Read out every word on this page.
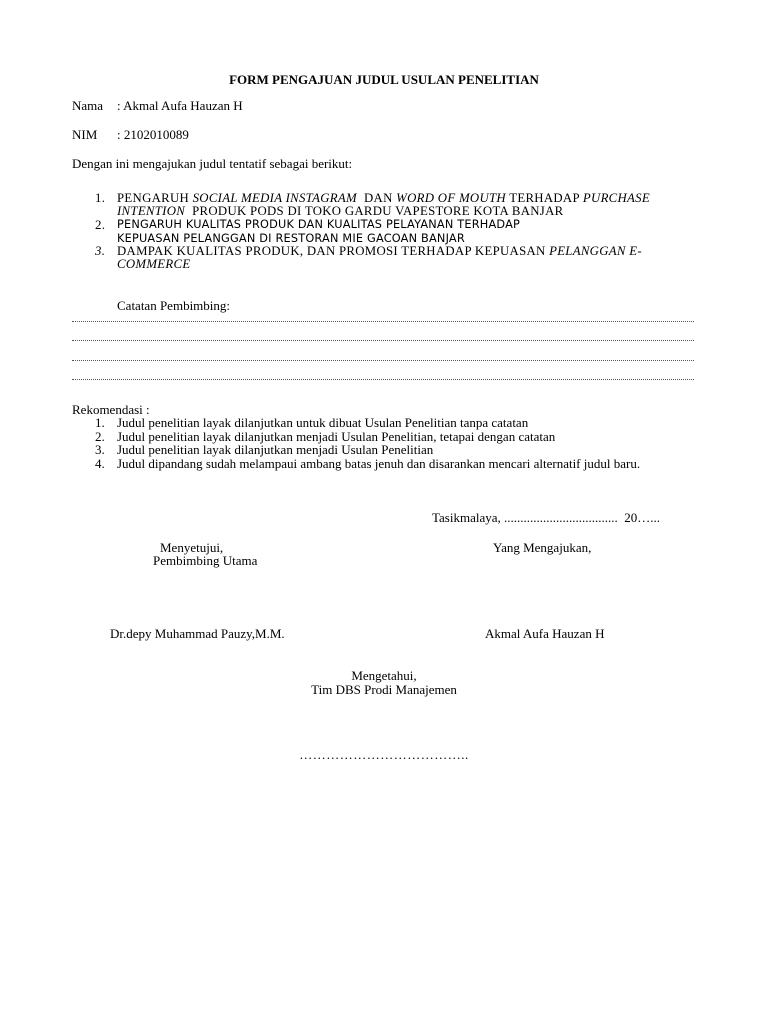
FORM PENGAJUAN JUDUL USULAN PENELITIAN
Nama : Akmal Aufa Hauzan H
NIM : 2102010089
Dengan ini mengajukan judul tentatif sebagai berikut:
1. PENGARUH SOCIAL MEDIA INSTAGRAM  DAN WORD OF MOUTH TERHADAP PURCHASE
INTENTION  PRODUK PODS DI TOKO GARDU VAPESTORE KOTA BANJAR
2. PENGARUH KUALITAS PRODUK DAN KUALITAS PELAYANAN TERHADAP
KEPUASAN PELANGGAN DI RESTORAN MIE GACOAN BANJAR
3. DAMPAK KUALITAS PRODUK, DAN PROMOSI TERHADAP KEPUASAN PELANGGAN E-
COMMERCE
Catatan Pembimbing:
Rekomendasi :
1. Judul penelitian layak dilanjutkan untuk dibuat Usulan Penelitian tanpa catatan
2. Judul penelitian layak dilanjutkan menjadi Usulan Penelitian, tetapai dengan catatan
3. Judul penelitian layak dilanjutkan menjadi Usulan Penelitian
4. Judul dipandang sudah melampaui ambang batas jenuh dan disarankan mencari alternatif judul baru.
Tasikmalaya, ...................................  20…...
Menyetujui,
Pembimbing Utama
Yang Mengajukan,
Dr.depy Muhammad Pauzy,M.M.	Akmal Aufa Hauzan H
Mengetahui,
Tim DBS Prodi Manajemen
………………………………..
